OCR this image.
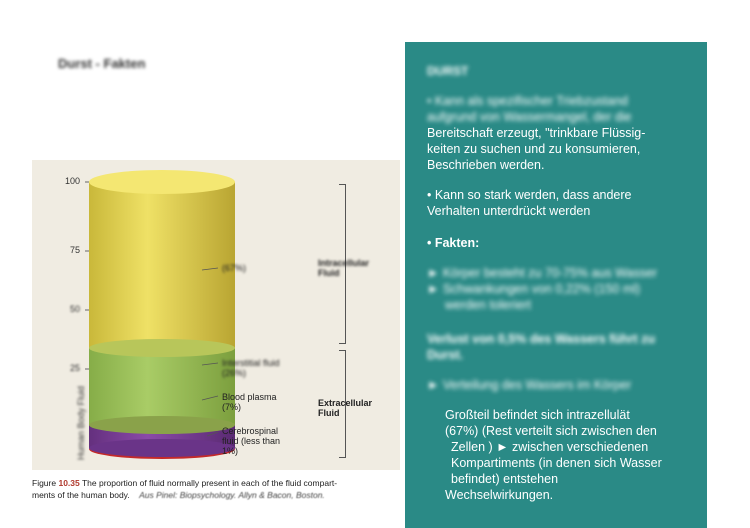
Durst - Fakten
Human Body Fluid
100
75
50
25
(67%)
Interstitial fluid
(26%)
Blood plasma
(7%)
Cerebrospinal
fluid (less than
1%)
Intracellular
Fluid
Extracellular
Fluid
Figure 10.35 The proportion of fluid normally present in each of the fluid compart-
ments of the human body. Aus Pinel: Biopsychology. Allyn & Bacon, Boston.
DURST
• Kann als spezifischer Triebzustand
aufgrund von Wassermangel, der die
Bereitschaft erzeugt, "trinkbare Flüssig-
keiten zu suchen und zu konsumieren,
Beschrieben werden.
• Kann so stark werden, dass andere
Verhalten unterdrückt werden
• Fakten:
► Körper besteht zu 70-75% aus Wasser
► Schwankungen von 0,22% (150 ml)
werden toleriert
Verlust von 0,5% des Wassers führt zu
Durst.
► Verteilung des Wassers im Körper
Großteil befindet sich intrazellulät
(67%) (Rest verteilt sich zwischen den
Zellen ) ► zwischen verschiedenen
Kompartiments (in denen sich Wasser
befindet) entstehen
Wechselwirkungen.
